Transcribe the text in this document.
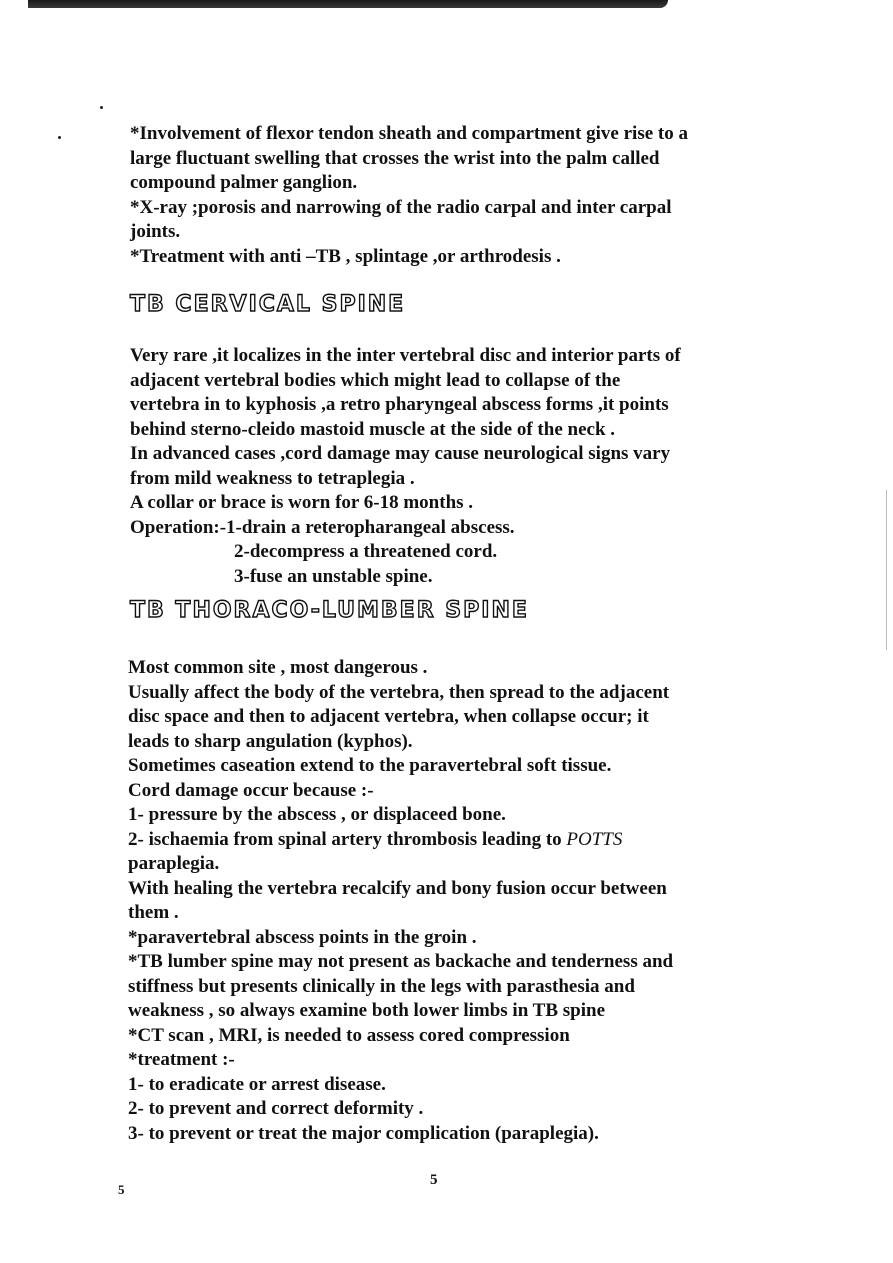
*Involvement of flexor tendon sheath and compartment give rise to a
large fluctuant swelling that crosses the wrist into the palm called
compound palmer ganglion.
*X-ray ;porosis and narrowing of the radio carpal and inter carpal
joints.
*Treatment with anti –TB , splintage ,or arthrodesis .
TB CERVICAL SPINE
Very rare ,it localizes in the inter vertebral disc and interior parts of
adjacent vertebral bodies which might lead to collapse of the
vertebra in to kyphosis ,a retro pharyngeal abscess forms ,it points
behind sterno-cleido mastoid muscle at the side of the neck .
In advanced cases ,cord damage may cause neurological signs vary
from mild weakness to tetraplegia .
A collar or brace is worn for 6-18 months .
Operation:-1-drain a reteropharangeal abscess.
2-decompress a threatened cord.
3-fuse an unstable spine.
TB THORACO-LUMBER SPINE
Most common site , most dangerous .
Usually affect the body of the vertebra, then spread to the adjacent
disc space and then to adjacent vertebra, when collapse occur; it
leads to sharp angulation (kyphos).
Sometimes caseation extend to the paravertebral soft tissue.
Cord damage occur because :-
1- pressure by the abscess , or displaceed bone.
2- ischaemia from spinal artery thrombosis leading to POTTS
paraplegia.
With healing the vertebra recalcify and bony fusion occur between
them .
*paravertebral abscess points in the groin .
*TB lumber spine may not present as backache and tenderness and
stiffness but presents clinically in the legs with parasthesia and
weakness , so always examine both lower limbs in TB spine
*CT scan , MRI, is needed to assess cored compression
*treatment :-
1- to eradicate or arrest disease.
2- to prevent and correct deformity .
3- to prevent or treat the major complication (paraplegia).
5
5
